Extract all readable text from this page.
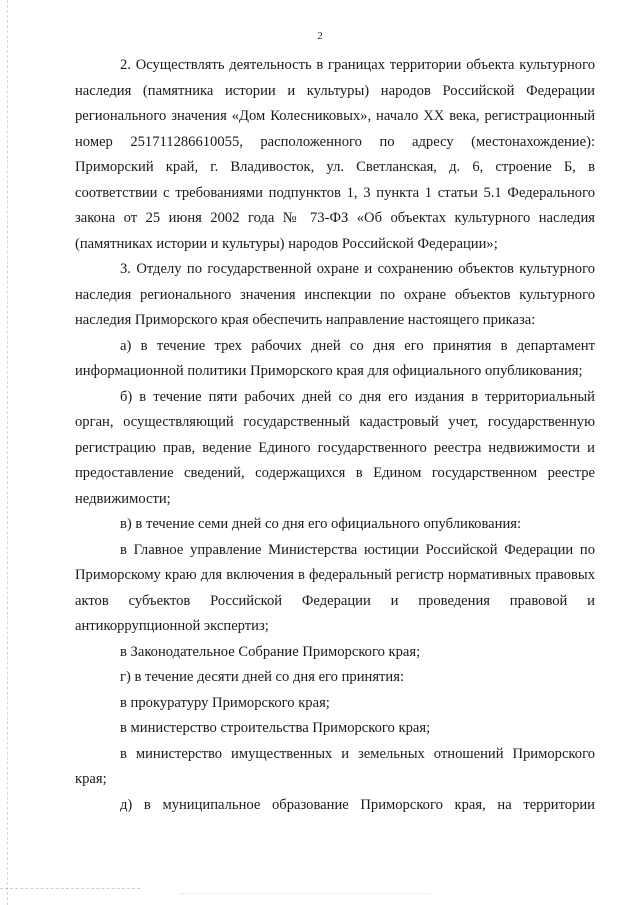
2

2. Осуществлять деятельность в границах территории объекта культурного наследия (памятника истории и культуры) народов Российской Федерации регионального значения «Дом Колесниковых», начало XX века, регистрационный номер 251711286610055, расположенного по адресу (местонахождение): Приморский край, г. Владивосток, ул. Светланская, д. 6, строение Б, в соответствии с требованиями подпунктов 1, 3 пункта 1 статьи 5.1 Федерального закона от 25 июня 2002 года № 73-ФЗ «Об объектах культурного наследия (памятниках истории и культуры) народов Российской Федерации»;

3. Отделу по государственной охране и сохранению объектов культурного наследия регионального значения инспекции по охране объектов культурного наследия Приморского края обеспечить направление настоящего приказа:

а) в течение трех рабочих дней со дня его принятия в департамент информационной политики Приморского края для официального опубликования;

б) в течение пяти рабочих дней со дня его издания в территориальный орган, осуществляющий государственный кадастровый учет, государственную регистрацию прав, ведение Единого государственного реестра недвижимости и предоставление сведений, содержащихся в Едином государственном реестре недвижимости;

в) в течение семи дней со дня его официального опубликования:

в Главное управление Министерства юстиции Российской Федерации по Приморскому краю для включения в федеральный регистр нормативных правовых актов субъектов Российской Федерации и проведения правовой и антикоррупционной экспертиз;

в Законодательное Собрание Приморского края;

г) в течение десяти дней со дня его принятия:

в прокуратуру Приморского края;

в министерство строительства Приморского края;

в министерство имущественных и земельных отношений Приморского края;

д) в муниципальное образование Приморского края, на территории
